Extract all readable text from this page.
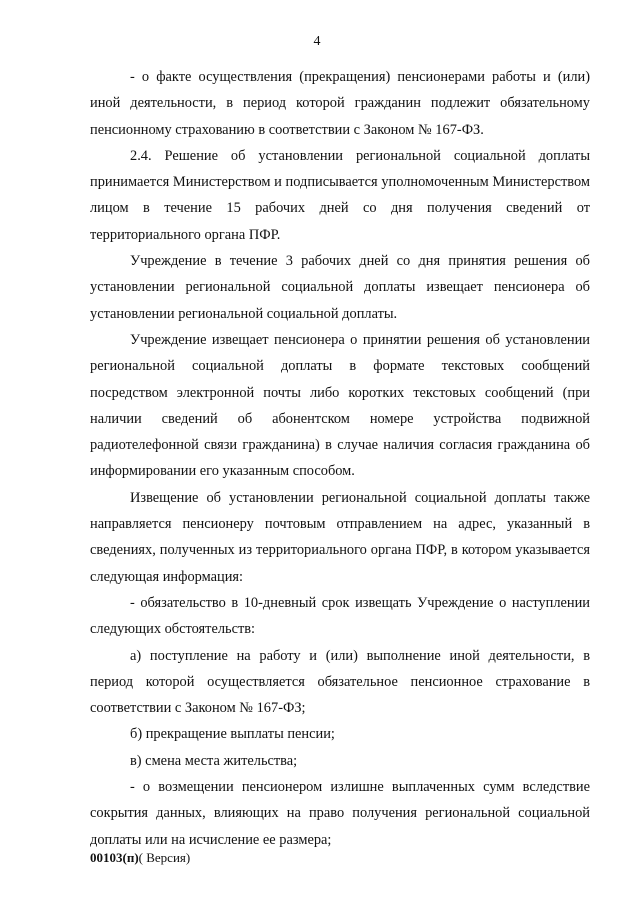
4

- о факте осуществления (прекращения) пенсионерами работы и (или) иной деятельности, в период которой гражданин подлежит обязательному пенсионному страхованию в соответствии с Законом № 167-ФЗ.

2.4. Решение об установлении региональной социальной доплаты принимается Министерством и подписывается уполномоченным Министерством лицом в течение 15 рабочих дней со дня получения сведений от территориального органа ПФР.

Учреждение в течение 3 рабочих дней со дня принятия решения об установлении региональной социальной доплаты извещает пенсионера об установлении региональной социальной доплаты.

Учреждение извещает пенсионера о принятии решения об установлении региональной социальной доплаты в формате текстовых сообщений посредством электронной почты либо коротких текстовых сообщений (при наличии сведений об абонентском номере устройства подвижной радиотелефонной связи гражданина) в случае наличия согласия гражданина об информировании его указанным способом.

Извещение об установлении региональной социальной доплаты также направляется пенсионеру почтовым отправлением на адрес, указанный в сведениях, полученных из территориального органа ПФР, в котором указывается следующая информация:

- обязательство в 10-дневный срок извещать Учреждение о наступлении следующих обстоятельств:

а) поступление на работу и (или) выполнение иной деятельности, в период которой осуществляется обязательное пенсионное страхование в соответствии с Законом № 167-ФЗ;

б) прекращение выплаты пенсии;

в) смена места жительства;

- о возмещении пенсионером излишне выплаченных сумм вследствие сокрытия данных, влияющих на право получения региональной социальной доплаты или на исчисление ее размера;

00103(п)( Версия)
